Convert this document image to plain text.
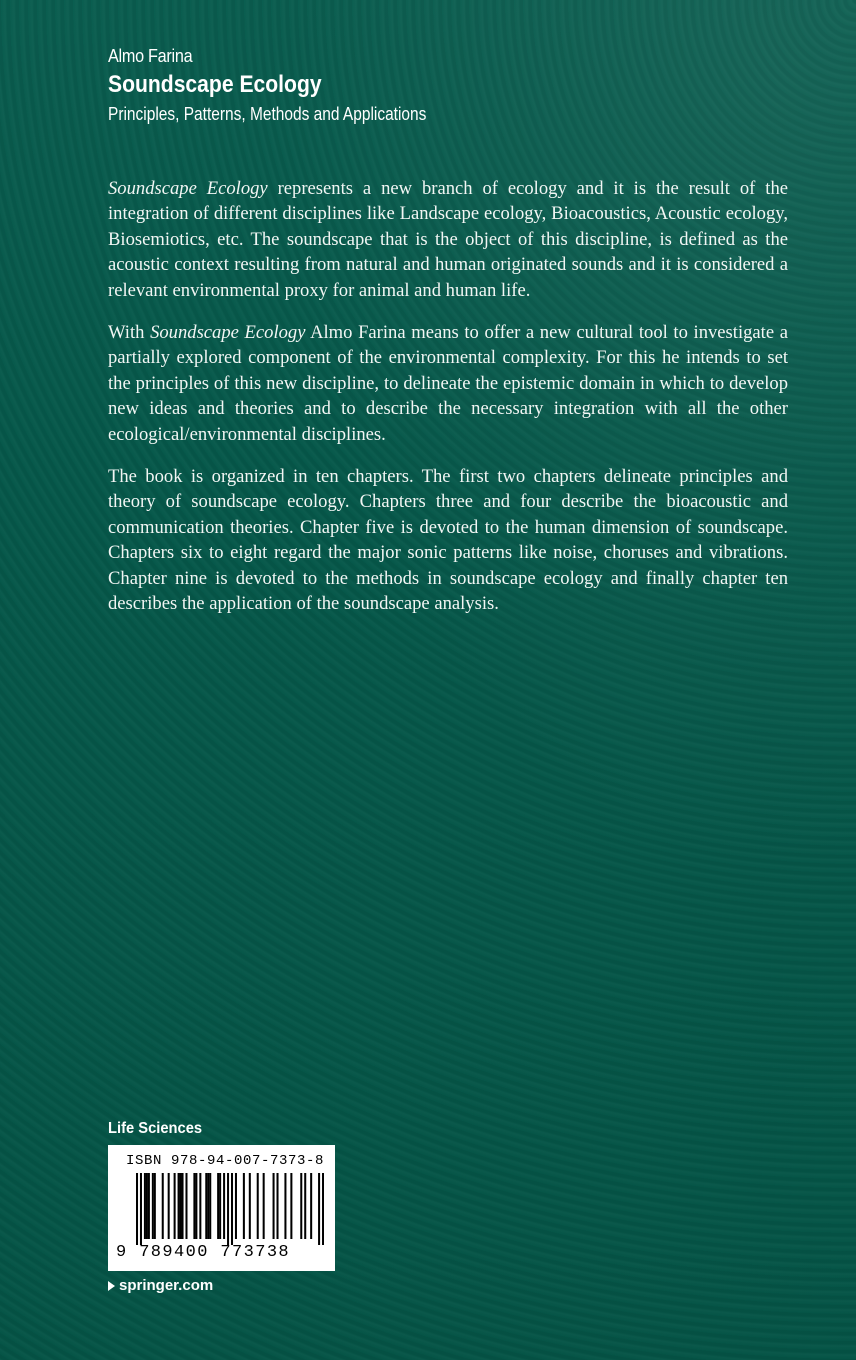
Almo Farina

Soundscape Ecology

Principles, Patterns, Methods and Applications

Soundscape Ecology represents a new branch of ecology and it is the result of the integration of different disciplines like Landscape ecology, Bioacoustics, Acoustic ecology, Biosemiotics, etc. The soundscape that is the object of this discipline, is defined as the acoustic context resulting from natural and human originated sounds and it is considered a relevant environmental proxy for animal and human life.

With Soundscape Ecology Almo Farina means to offer a new cultural tool to investigate a partially explored component of the environmental complexity. For this he intends to set the principles of this new discipline, to delineate the epistemic domain in which to develop new ideas and theories and to describe the necessary integration with all the other ecological/environmental disciplines.

The book is organized in ten chapters. The first two chapters delineate principles and theory of soundscape ecology. Chapters three and four describe the bioacoustic and communication theories. Chapter five is devoted to the human dimension of soundscape. Chapters six to eight regard the major sonic patterns like noise, choruses and vibrations. Chapter nine is devoted to the methods in soundscape ecology and finally chapter ten describes the application of the soundscape analysis.

Life Sciences
ISBN 978-94-007-7373-8
9 789400 773738
springer.com
